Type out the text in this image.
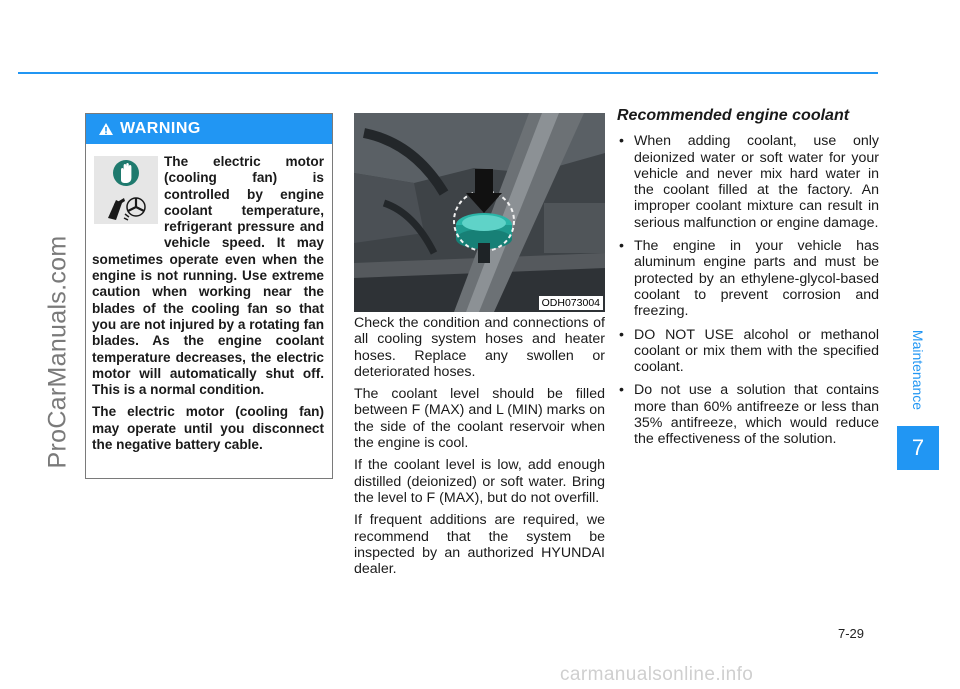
ProCarManuals.com	Maintenance
7
WARNING

The electric motor (cooling fan) is controlled by engine coolant temperature, refrigerant pressure and vehicle speed. It may sometimes operate even when the engine is not running. Use extreme caution when working near the blades of the cooling fan so that you are not injured by a rotating fan blades. As the engine coolant temperature decreases, the electric motor will automatically shut off. This is a normal condition.

The electric motor (cooling fan) may operate until you disconnect the negative battery cable.

ODH073004

Check the condition and connections of all cooling system hoses and heater hoses. Replace any swollen or deteriorated hoses.

The coolant level should be filled between F (MAX) and L (MIN) marks on the side of the coolant reservoir when the engine is cool.

If the coolant level is low, add enough distilled (deionized) or soft water. Bring the level to F (MAX), but do not overfill.

If frequent additions are required, we recommend that the system be inspected by an authorized HYUNDAI dealer.

Recommended engine coolant
• When adding coolant, use only deionized water or soft water for your vehicle and never mix hard water in the coolant filled at the factory. An improper coolant mixture can result in serious malfunction or engine damage.
• The engine in your vehicle has aluminum engine parts and must be protected by an ethylene-glycol-based coolant to prevent corrosion and freezing.
• DO NOT USE alcohol or methanol coolant or mix them with the specified coolant.
• Do not use a solution that contains more than 60% antifreeze or less than 35% antifreeze, which would reduce the effectiveness of the solution.
7-29
carmanualsonline.info
